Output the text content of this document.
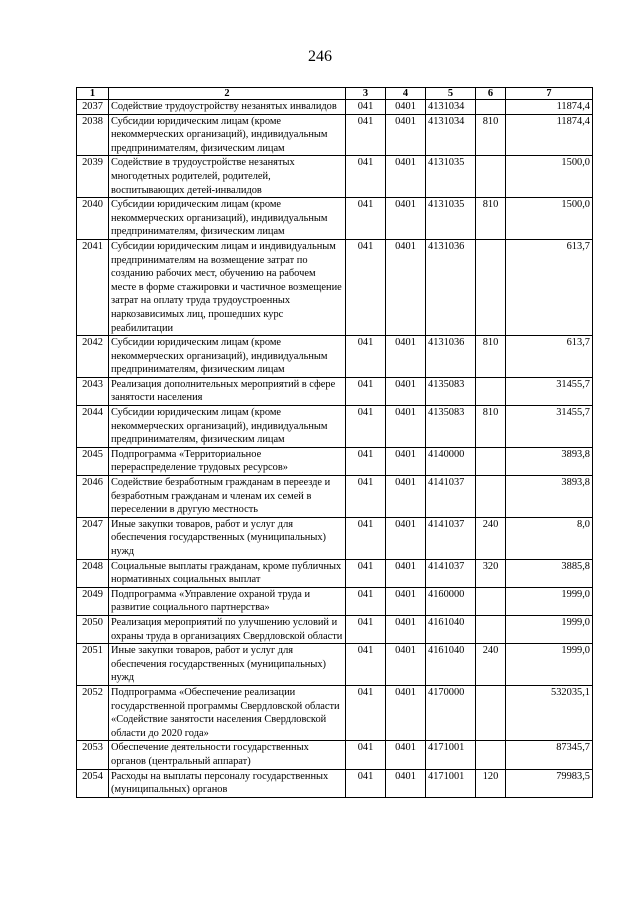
246
1	2	3	4	5	6	7
2037	Содействие трудоустройству незанятых инвалидов	041	0401	4131034		11874,4
2038	Субсидии юридическим лицам (кроме некоммерческих организаций), индивидуальным предпринимателям, физическим лицам	041	0401	4131034	810	11874,4
2039	Содействие в трудоустройстве незанятых многодетных родителей, родителей, воспитывающих детей-инвалидов	041	0401	4131035		1500,0
2040	Субсидии юридическим лицам (кроме некоммерческих организаций), индивидуальным предпринимателям, физическим лицам	041	0401	4131035	810	1500,0
2041	Субсидии юридическим лицам и индивидуальным предпринимателям на возмещение затрат по созданию рабочих мест, обучению на рабочем месте в форме стажировки и частичное возмещение затрат на оплату труда трудоустроенных наркозависимых лиц, прошедших курс реабилитации	041	0401	4131036		613,7
2042	Субсидии юридическим лицам (кроме некоммерческих организаций), индивидуальным предпринимателям, физическим лицам	041	0401	4131036	810	613,7
2043	Реализация дополнительных мероприятий в сфере занятости населения	041	0401	4135083		31455,7
2044	Субсидии юридическим лицам (кроме некоммерческих организаций), индивидуальным предпринимателям, физическим лицам	041	0401	4135083	810	31455,7
2045	Подпрограмма «Территориальное перераспределение трудовых ресурсов»	041	0401	4140000		3893,8
2046	Содействие безработным гражданам в переезде и безработным гражданам и членам их семей в переселении в другую местность	041	0401	4141037		3893,8
2047	Иные закупки товаров, работ и услуг для обеспечения государственных (муниципальных) нужд	041	0401	4141037	240	8,0
2048	Социальные выплаты гражданам, кроме публичных нормативных социальных выплат	041	0401	4141037	320	3885,8
2049	Подпрограмма «Управление охраной труда и развитие социального партнерства»	041	0401	4160000		1999,0
2050	Реализация мероприятий по улучшению условий и охраны труда в организациях Свердловской области	041	0401	4161040		1999,0
2051	Иные закупки товаров, работ и услуг для обеспечения государственных (муниципальных) нужд	041	0401	4161040	240	1999,0
2052	Подпрограмма «Обеспечение реализации государственной программы Свердловской области «Содействие занятости населения Свердловской области до 2020 года»	041	0401	4170000		532035,1
2053	Обеспечение деятельности государственных органов (центральный аппарат)	041	0401	4171001		87345,7
2054	Расходы на выплаты персоналу государственных (муниципальных) органов	041	0401	4171001	120	79983,5
